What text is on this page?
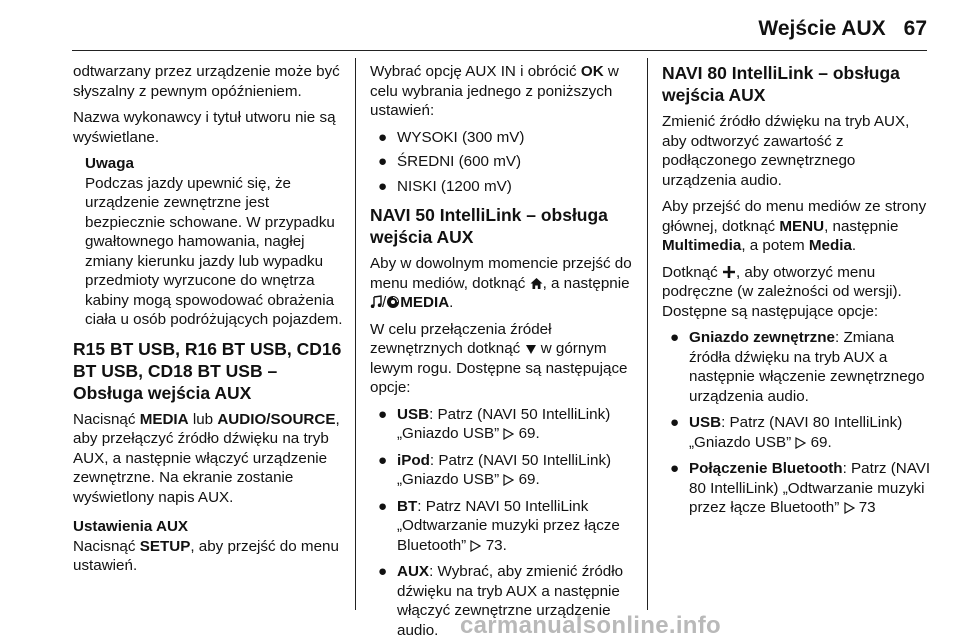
Wejście AUX 67

odtwarzany przez urządzenie może być słyszalny z pewnym opóźnieniem.

Nazwa wykonawcy i tytuł utworu nie są wyświetlane.

Uwaga
Podczas jazdy upewnić się, że urządzenie zewnętrzne jest bezpiecznie schowane. W przypadku gwałtownego hamowania, nagłej zmiany kierunku jazdy lub wypadku przedmioty wyrzucone do wnętrza kabiny mogą spowodować obrażenia ciała u osób podróżujących pojazdem.
R15 BT USB, R16 BT USB, CD16 BT USB, CD18 BT USB – Obsługa wejścia AUX

Nacisnąć MEDIA lub AUDIO/SOURCE, aby przełączyć źródło dźwięku na tryb AUX, a następnie włączyć urządzenie zewnętrzne. Na ekranie zostanie wyświetlony napis AUX.

Ustawienia AUX

Nacisnąć SETUP, aby przejść do menu ustawień.

Wybrać opcję AUX IN i obrócić OK w celu wybrania jednego z poniższych ustawień:

● WYSOKI (300 mV)
● ŚREDNI (600 mV)
● NISKI (1200 mV)
NAVI 50 IntelliLink – obsługa wejścia AUX

Aby w dowolnym momencie przejść do menu mediów, dotknąć , a następnie / MEDIA.

W celu przełączenia źródeł zewnętrznych dotknąć  w górnym lewym rogu. Dostępne są następujące opcje:

● USB: Patrz (NAVI 50 IntelliLink) „Gniazdo USB”  69.
● iPod: Patrz (NAVI 50 IntelliLink) „Gniazdo USB”  69.
● BT: Patrz NAVI 50 IntelliLink „Odtwarzanie muzyki przez łącze Bluetooth”  73.
● AUX: Wybrać, aby zmienić źródło dźwięku na tryb AUX a następnie włączyć zewnętrzne urządzenie audio.
NAVI 80 IntelliLink – obsługa wejścia AUX

Zmienić źródło dźwięku na tryb AUX, aby odtworzyć zawartość z podłączonego zewnętrznego urządzenia audio.

Aby przejść do menu mediów ze strony głównej, dotknąć MENU, następnie Multimedia, a potem Media.

Dotknąć , aby otworzyć menu podręczne (w zależności od wersji). Dostępne są następujące opcje:

● Gniazdo zewnętrzne: Zmiana źródła dźwięku na tryb AUX a następnie włączenie zewnętrznego urządzenia audio.
● USB: Patrz (NAVI 80 IntelliLink) „Gniazdo USB”  69.
● Połączenie Bluetooth: Patrz (NAVI 80 IntelliLink) „Odtwarzanie muzyki przez łącze Bluetooth”  73
carmanualsonline.info
